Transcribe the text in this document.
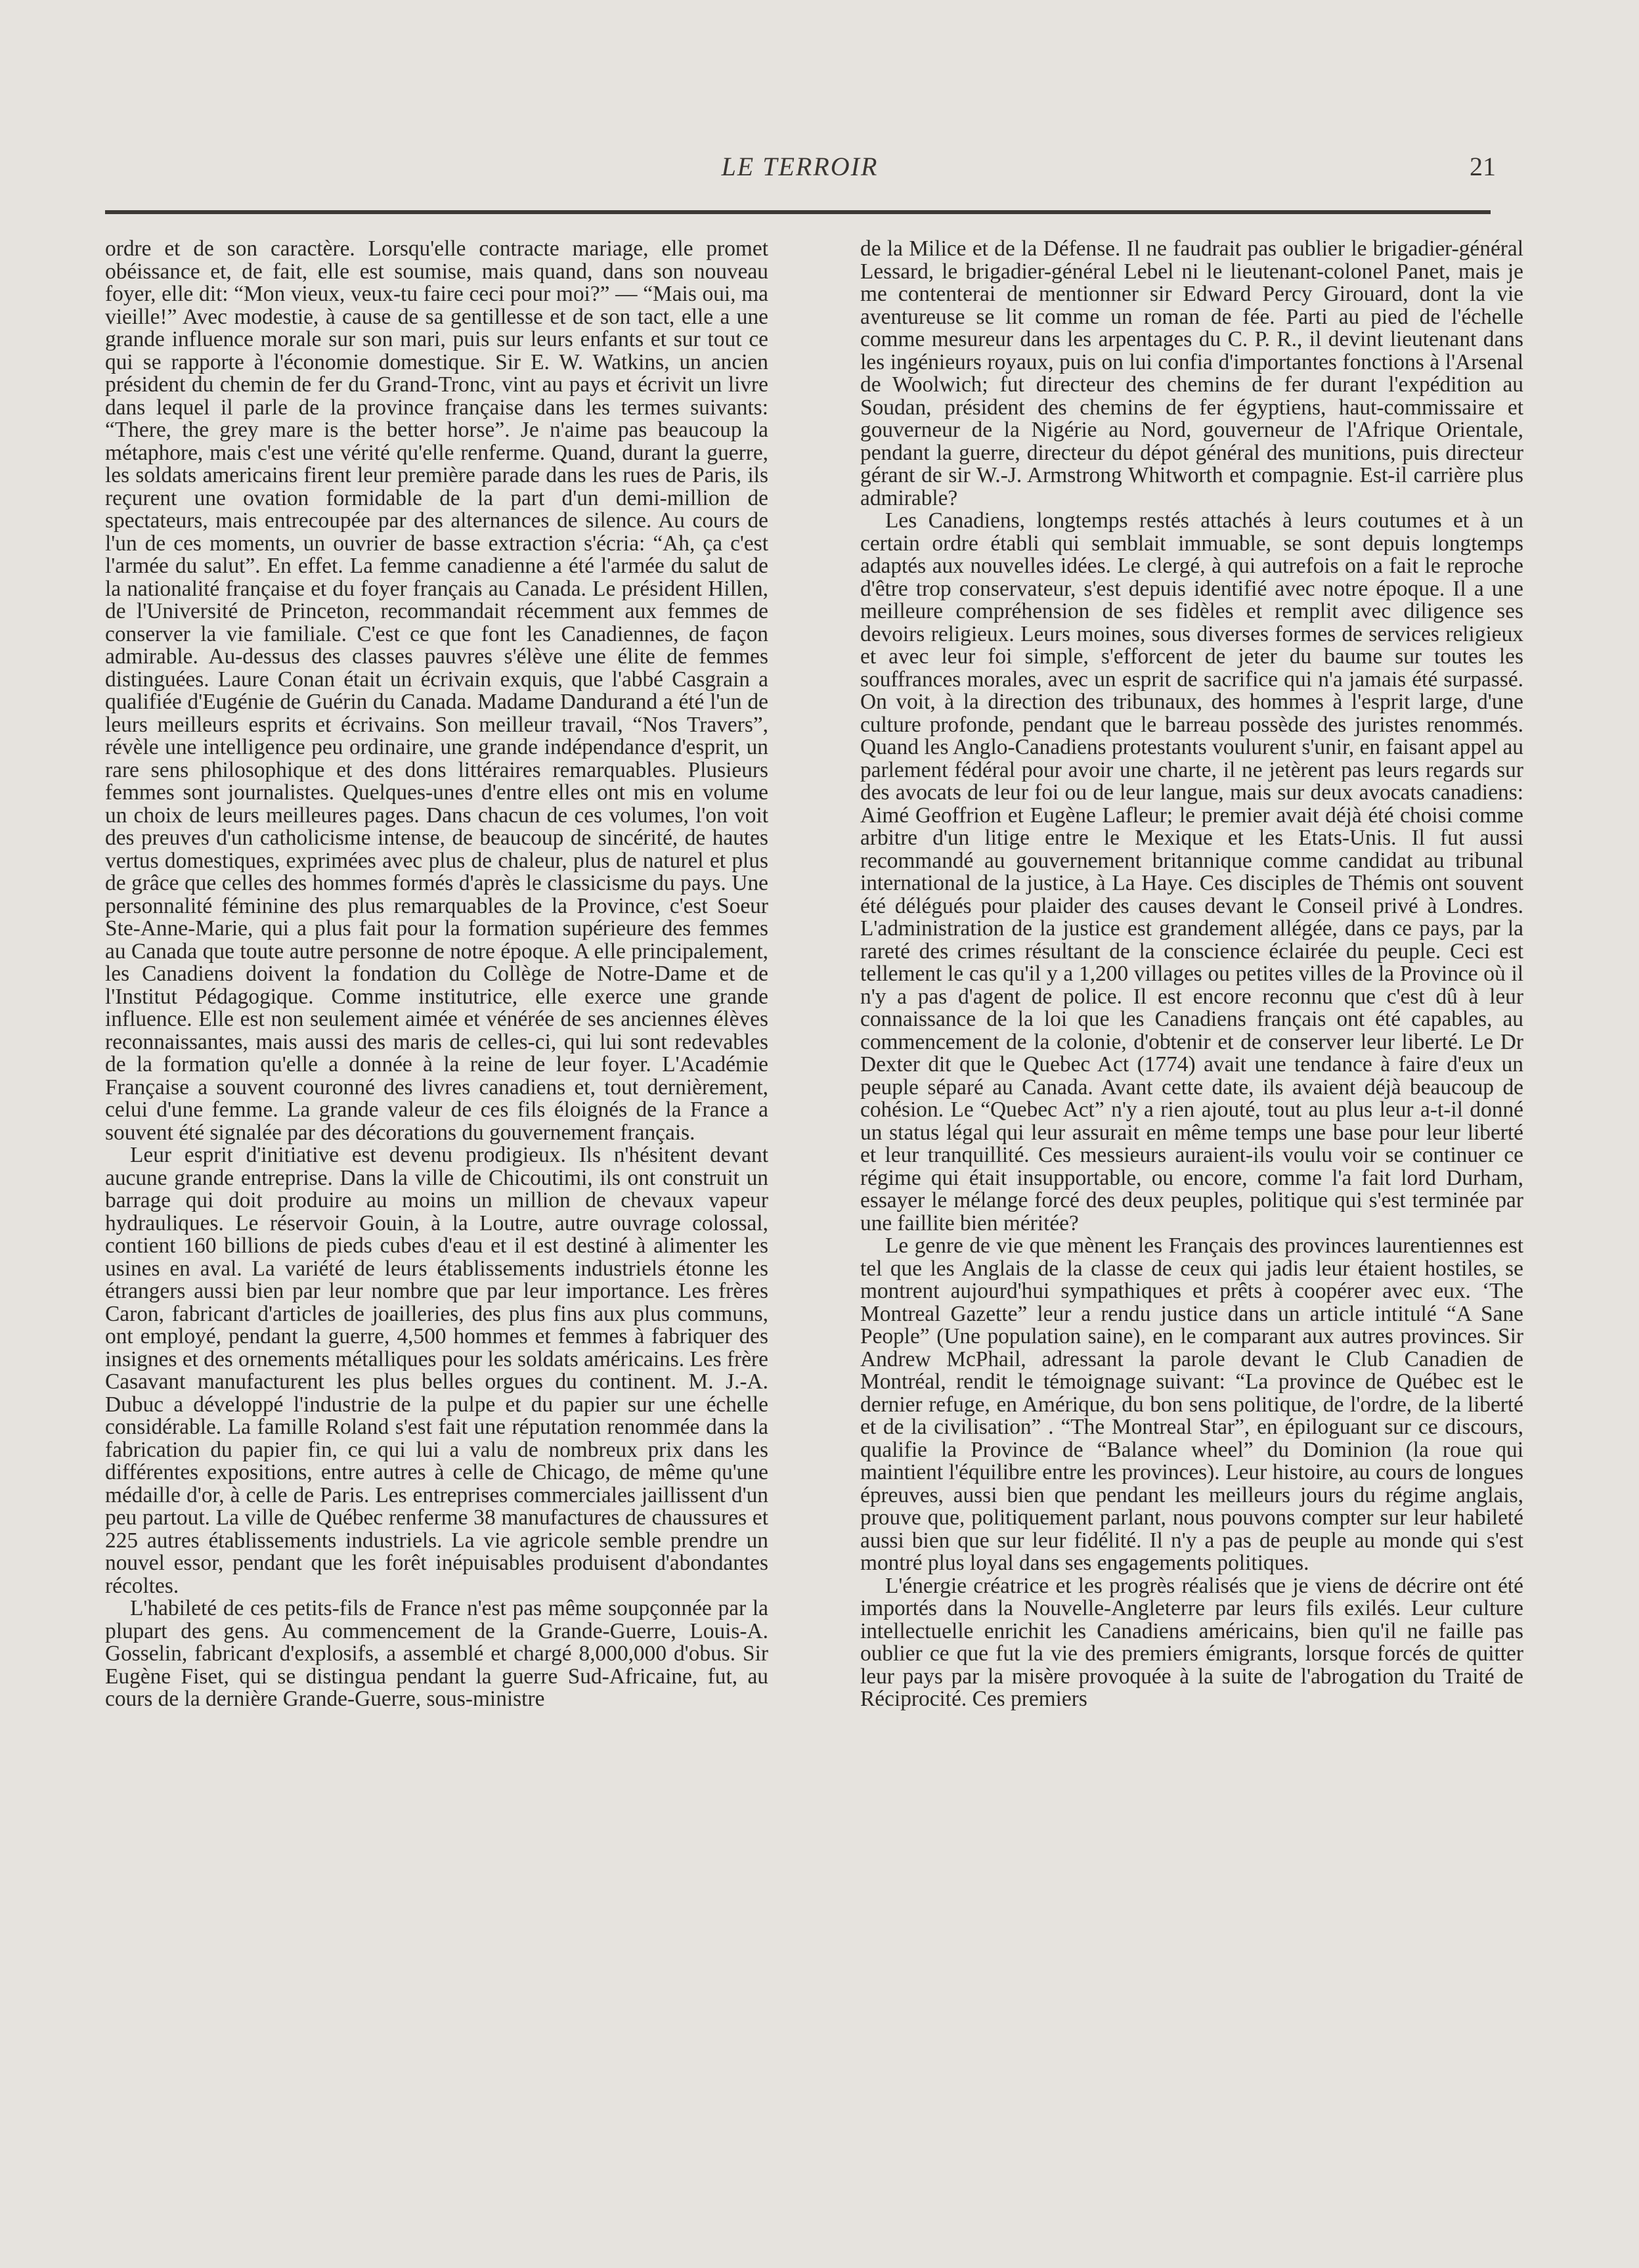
LE TERROIR	21

ordre et de son caractère. Lorsqu'elle contracte mariage, elle promet obéissance et, de fait, elle est soumise, mais quand, dans son nouveau foyer, elle dit: “Mon vieux, veux-tu faire ceci pour moi?” — “Mais oui, ma vieille!” Avec modestie, à cause de sa gentillesse et de son tact, elle a une grande influence morale sur son mari, puis sur leurs enfants et sur tout ce qui se rapporte à l'économie domestique. Sir E. W. Watkins, un ancien président du chemin de fer du Grand-Tronc, vint au pays et écrivit un livre dans lequel il parle de la province française dans les termes suivants: “There, the grey mare is the better horse”. Je n'aime pas beaucoup la métaphore, mais c'est une vérité qu'elle renferme. Quand, durant la guerre, les soldats americains firent leur première parade dans les rues de Paris, ils reçurent une ovation formidable de la part d'un demi-million de spectateurs, mais entrecoupée par des alternances de silence. Au cours de l'un de ces moments, un ouvrier de basse extraction s'écria: “Ah, ça c'est l'armée du salut”. En effet. La femme canadienne a été l'armée du salut de la nationalité française et du foyer français au Canada. Le président Hillen, de l'Université de Princeton, recommandait récemment aux femmes de conserver la vie familiale. C'est ce que font les Canadiennes, de façon admirable. Au-dessus des classes pauvres s'élève une élite de femmes distinguées. Laure Conan était un écrivain exquis, que l'abbé Casgrain a qualifiée d'Eugénie de Guérin du Canada. Madame Dandurand a été l'un de leurs meilleurs esprits et écrivains. Son meilleur travail, “Nos Travers”, révèle une intelligence peu ordinaire, une grande indépendance d'esprit, un rare sens philosophique et des dons littéraires remarquables. Plusieurs femmes sont journalistes. Quelques-unes d'entre elles ont mis en volume un choix de leurs meilleures pages. Dans chacun de ces volumes, l'on voit des preuves d'un catholicisme intense, de beaucoup de sincérité, de hautes vertus domestiques, exprimées avec plus de chaleur, plus de naturel et plus de grâce que celles des hommes formés d'après le classicisme du pays. Une personnalité féminine des plus remarquables de la Province, c'est Soeur Ste-Anne-Marie, qui a plus fait pour la formation supérieure des femmes au Canada que toute autre personne de notre époque. A elle principalement, les Canadiens doivent la fondation du Collège de Notre-Dame et de l'Institut Pédagogique. Comme institutrice, elle exerce une grande influence. Elle est non seulement aimée et vénérée de ses anciennes élèves reconnaissantes, mais aussi des maris de celles-ci, qui lui sont redevables de la formation qu'elle a donnée à la reine de leur foyer. L'Académie Française a souvent couronné des livres canadiens et, tout dernièrement, celui d'une femme. La grande valeur de ces fils éloignés de la France a souvent été signalée par des décorations du gouvernement français.

Leur esprit d'initiative est devenu prodigieux. Ils n'hésitent devant aucune grande entreprise. Dans la ville de Chicoutimi, ils ont construit un barrage qui doit produire au moins un million de chevaux vapeur hydrauliques. Le réservoir Gouin, à la Loutre, autre ouvrage colossal, contient 160 billions de pieds cubes d'eau et il est destiné à alimenter les usines en aval. La variété de leurs établissements industriels étonne les étrangers aussi bien par leur nombre que par leur importance. Les frères Caron, fabricant d'articles de joailleries, des plus fins aux plus communs, ont employé, pendant la guerre, 4,500 hommes et femmes à fabriquer des insignes et des ornements métalliques pour les soldats américains. Les frère Casavant manufacturent les plus belles orgues du continent. M. J.-A. Dubuc a développé l'industrie de la pulpe et du papier sur une échelle considérable. La famille Roland s'est fait une réputation renommée dans la fabrication du papier fin, ce qui lui a valu de nombreux prix dans les différentes expositions, entre autres à celle de Chicago, de même qu'une médaille d'or, à celle de Paris. Les entreprises commerciales jaillissent d'un peu partout. La ville de Québec renferme 38 manufactures de chaussures et 225 autres établissements industriels. La vie agricole semble prendre un nouvel essor, pendant que les forêt inépuisables produisent d'abondantes récoltes.

L'habileté de ces petits-fils de France n'est pas même soupçonnée par la plupart des gens. Au commencement de la Grande-Guerre, Louis-A. Gosselin, fabricant d'explosifs, a assemblé et chargé 8,000,000 d'obus. Sir Eugène Fiset, qui se distingua pendant la guerre Sud-Africaine, fut, au cours de la dernière Grande-Guerre, sous-ministre

de la Milice et de la Défense. Il ne faudrait pas oublier le brigadier-général Lessard, le brigadier-général Lebel ni le lieutenant-colonel Panet, mais je me contenterai de mentionner sir Edward Percy Girouard, dont la vie aventureuse se lit comme un roman de fée. Parti au pied de l'échelle comme mesureur dans les arpentages du C. P. R., il devint lieutenant dans les ingénieurs royaux, puis on lui confia d'importantes fonctions à l'Arsenal de Woolwich; fut directeur des chemins de fer durant l'expédition au Soudan, président des chemins de fer égyptiens, haut-commissaire et gouverneur de la Nigérie au Nord, gouverneur de l'Afrique Orientale, pendant la guerre, directeur du dépot général des munitions, puis directeur gérant de sir W.-J. Armstrong Whitworth et compagnie. Est-il carrière plus admirable?

Les Canadiens, longtemps restés attachés à leurs coutumes et à un certain ordre établi qui semblait immuable, se sont depuis longtemps adaptés aux nouvelles idées. Le clergé, à qui autrefois on a fait le reproche d'être trop conservateur, s'est depuis identifié avec notre époque. Il a une meilleure compréhension de ses fidèles et remplit avec diligence ses devoirs religieux. Leurs moines, sous diverses formes de services religieux et avec leur foi simple, s'efforcent de jeter du baume sur toutes les souffrances morales, avec un esprit de sacrifice qui n'a jamais été surpassé. On voit, à la direction des tribunaux, des hommes à l'esprit large, d'une culture profonde, pendant que le barreau possède des juristes renommés. Quand les Anglo-Canadiens protestants voulurent s'unir, en faisant appel au parlement fédéral pour avoir une charte, il ne jetèrent pas leurs regards sur des avocats de leur foi ou de leur langue, mais sur deux avocats canadiens: Aimé Geoffrion et Eugène Lafleur; le premier avait déjà été choisi comme arbitre d'un litige entre le Mexique et les Etats-Unis. Il fut aussi recommandé au gouvernement britannique comme candidat au tribunal international de la justice, à La Haye. Ces disciples de Thémis ont souvent été délégués pour plaider des causes devant le Conseil privé à Londres. L'administration de la justice est grandement allégée, dans ce pays, par la rareté des crimes résultant de la conscience éclairée du peuple. Ceci est tellement le cas qu'il y a 1,200 villages ou petites villes de la Province où il n'y a pas d'agent de police. Il est encore reconnu que c'est dû à leur connaissance de la loi que les Canadiens français ont été capables, au commencement de la colonie, d'obtenir et de conserver leur liberté. Le Dr Dexter dit que le Quebec Act (1774) avait une tendance à faire d'eux un peuple séparé au Canada. Avant cette date, ils avaient déjà beaucoup de cohésion. Le “Quebec Act” n'y a rien ajouté, tout au plus leur a-t-il donné un status légal qui leur assurait en même temps une base pour leur liberté et leur tranquillité. Ces messieurs auraient-ils voulu voir se continuer ce régime qui était insupportable, ou encore, comme l'a fait lord Durham, essayer le mélange forcé des deux peuples, politique qui s'est terminée par une faillite bien méritée?

Le genre de vie que mènent les Français des provinces laurentiennes est tel que les Anglais de la classe de ceux qui jadis leur étaient hostiles, se montrent aujourd'hui sympathiques et prêts à coopérer avec eux. ‘The Montreal Gazette” leur a rendu justice dans un article intitulé “A Sane People” (Une population saine), en le comparant aux autres provinces. Sir Andrew McPhail, adressant la parole devant le Club Canadien de Montréal, rendit le témoignage suivant: “La province de Québec est le dernier refuge, en Amérique, du bon sens politique, de l'ordre, de la liberté et de la civilisation” . “The Montreal Star”, en épiloguant sur ce discours, qualifie la Province de “Balance wheel” du Dominion (la roue qui maintient l'équilibre entre les provinces). Leur histoire, au cours de longues épreuves, aussi bien que pendant les meilleurs jours du régime anglais, prouve que, politiquement parlant, nous pouvons compter sur leur habileté aussi bien que sur leur fidélité. Il n'y a pas de peuple au monde qui s'est montré plus loyal dans ses engagements politiques.

L'énergie créatrice et les progrès réalisés que je viens de décrire ont été importés dans la Nouvelle-Angleterre par leurs fils exilés. Leur culture intellectuelle enrichit les Canadiens américains, bien qu'il ne faille pas oublier ce que fut la vie des premiers émigrants, lorsque forcés de quitter leur pays par la misère provoquée à la suite de l'abrogation du Traité de Réciprocité. Ces premiers
